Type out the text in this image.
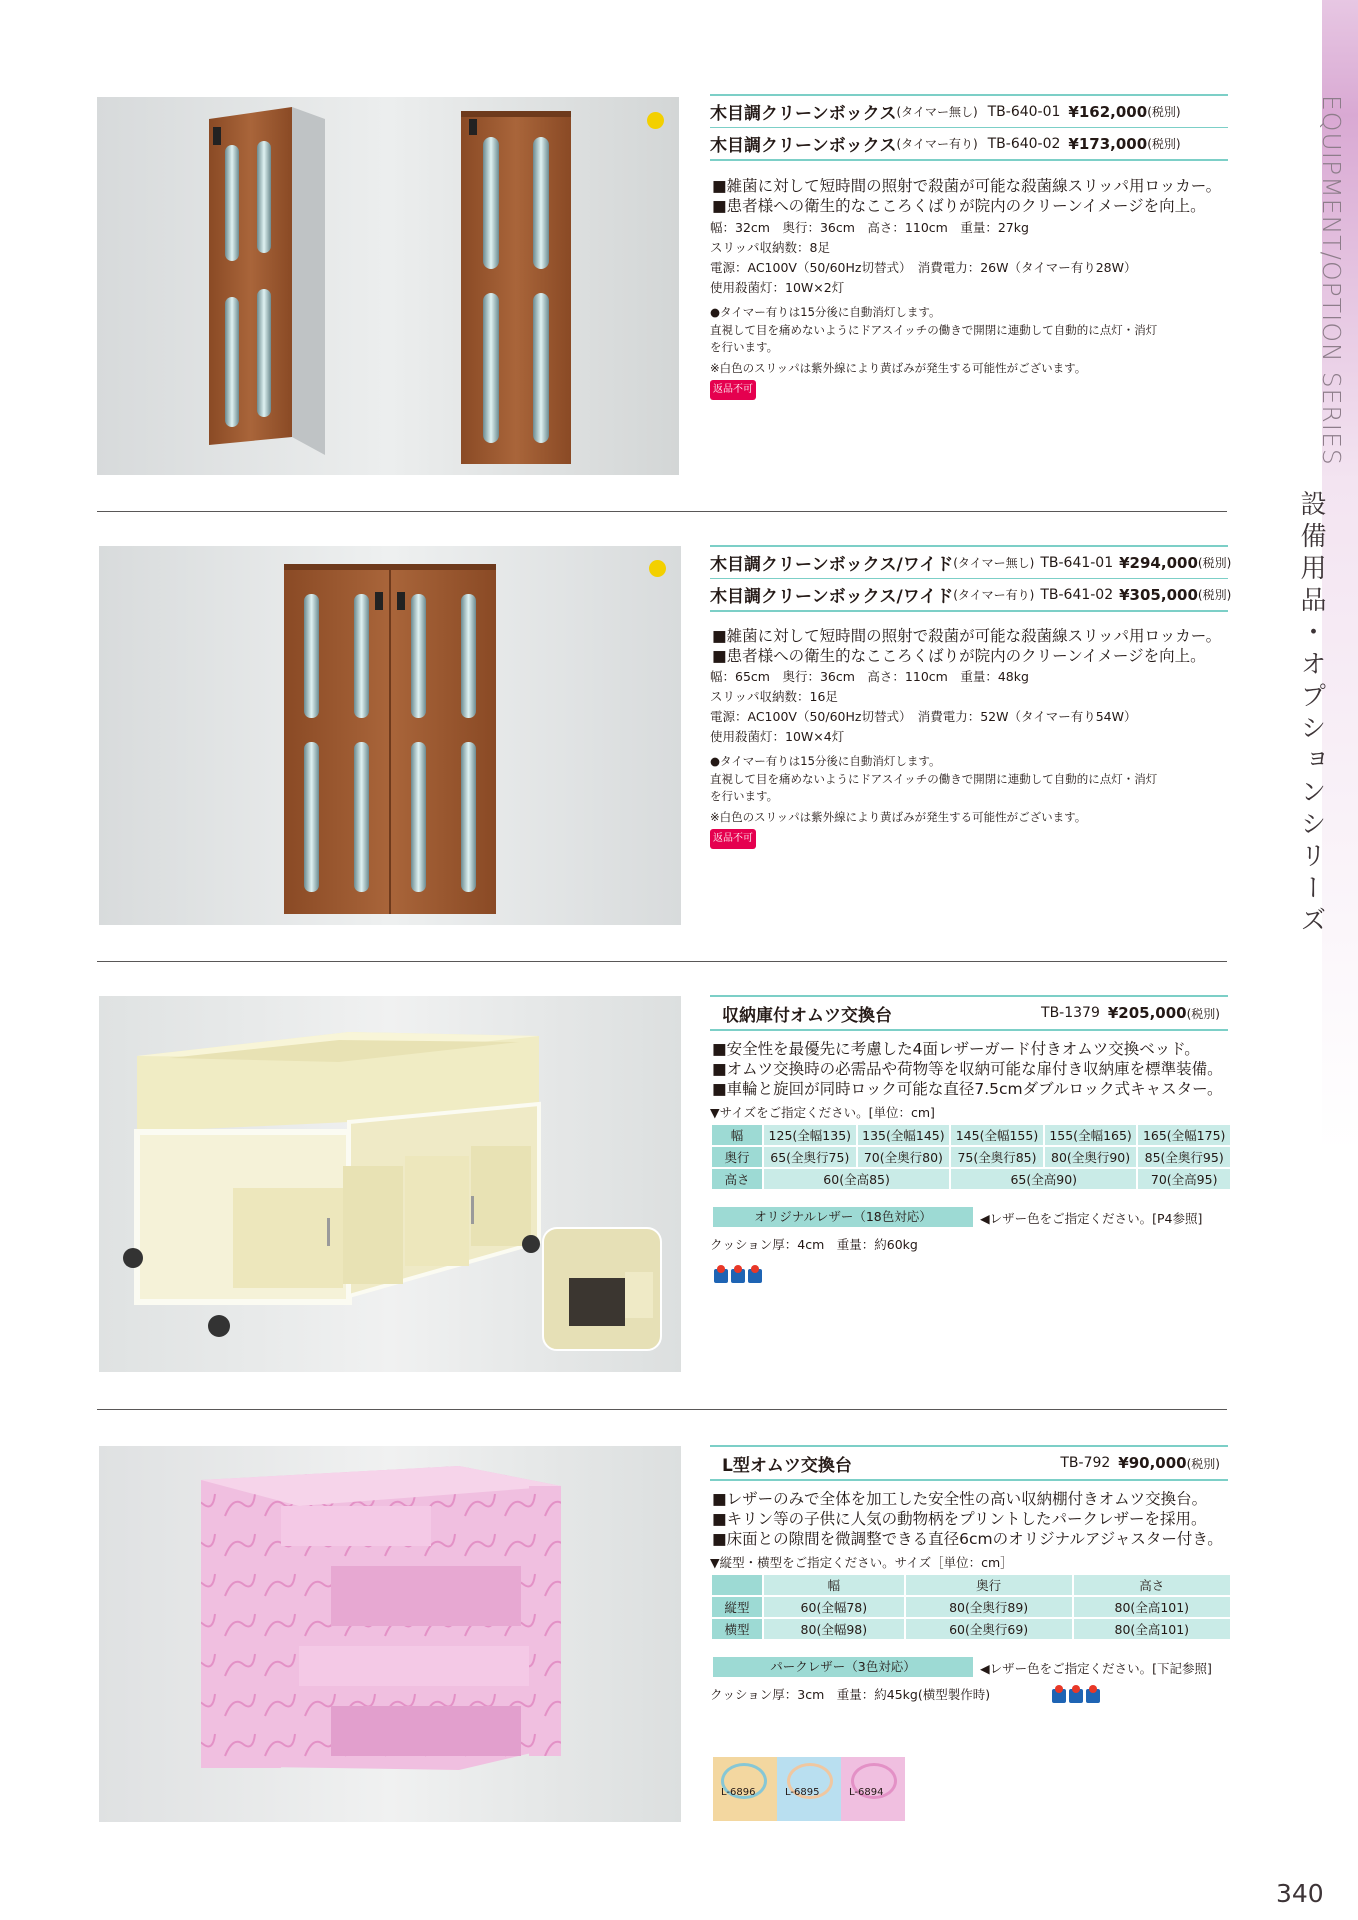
EQUIPMENT/OPTION SERIES
設備用品・オプションシリーズ
340
木目調クリーンボックス (タイマー無し) TB-640-01 ¥162,000 (税別)
木目調クリーンボックス (タイマー有り) TB-640-02 ¥173,000 (税別)
■雑菌に対して短時間の照射で殺菌が可能な殺菌線スリッパ用ロッカー。
■患者様への衛生的なこころくばりが院内のクリーンイメージを向上。
幅：32cm　奥行：36cm　高さ：110cm　重量：27kg
スリッパ収納数：8足
電源：AC100V（50/60Hz切替式）　消費電力：26W（タイマー有り28W）
使用殺菌灯：10W×2灯
●タイマー有りは15分後に自動消灯します。
直視して目を痛めないようにドアスイッチの働きで開閉に連動して自動的に点灯・消灯
を行います。
※白色のスリッパは紫外線により黄ばみが発生する可能性がございます。
返品不可
木目調クリーンボックス/ワイド (タイマー無し) TB-641-01 ¥294,000 (税別)
木目調クリーンボックス/ワイド (タイマー有り) TB-641-02 ¥305,000 (税別)
■雑菌に対して短時間の照射で殺菌が可能な殺菌線スリッパ用ロッカー。
■患者様への衛生的なこころくばりが院内のクリーンイメージを向上。
幅：65cm　奥行：36cm　高さ：110cm　重量：48kg
スリッパ収納数：16足
電源：AC100V（50/60Hz切替式）　消費電力：52W（タイマー有り54W）
使用殺菌灯：10W×4灯
●タイマー有りは15分後に自動消灯します。
直視して目を痛めないようにドアスイッチの働きで開閉に連動して自動的に点灯・消灯
を行います。
※白色のスリッパは紫外線により黄ばみが発生する可能性がございます。
返品不可
収納庫付オムツ交換台	TB-1379 ¥205,000 (税別)
■安全性を最優先に考慮した4面レザーガード付きオムツ交換ベッド。
■オムツ交換時の必需品や荷物等を収納可能な扉付き収納庫を標準装備。
■車輪と旋回が同時ロック可能な直径7.5cmダブルロック式キャスター。
▼サイズをご指定ください。[単位：cm]
幅	125(全幅135)	135(全幅145)	145(全幅155)	155(全幅165)	165(全幅175)
奥行	65(全奥行75)	70(全奥行80)	75(全奥行85)	80(全奥行90)	85(全奥行95)
高さ	60(全高85)		65(全高90)		70(全高95)
オリジナルレザー（18色対応）	◀レザー色をご指定ください。[P4参照]
クッション厚：4cm　重量：約60kg
L型オムツ交換台	TB-792 ¥90,000 (税別)
■レザーのみで全体を加工した安全性の高い収納棚付きオムツ交換台。
■キリン等の子供に人気の動物柄をプリントしたパークレザーを採用。
■床面との隙間を微調整できる直径6cmのオリジナルアジャスター付き。
▼縦型・横型をご指定ください。サイズ［単位：cm］
	幅	奥行	高さ
縦型	60(全幅78)	80(全奥行89)	80(全高101)
横型	80(全幅98)	60(全奥行69)	80(全高101)
パークレザー（3色対応）	◀レザー色をご指定ください。[下記参照]
クッション厚：3cm　重量：約45kg(横型製作時)
L-6896	L-6895	L-6894
